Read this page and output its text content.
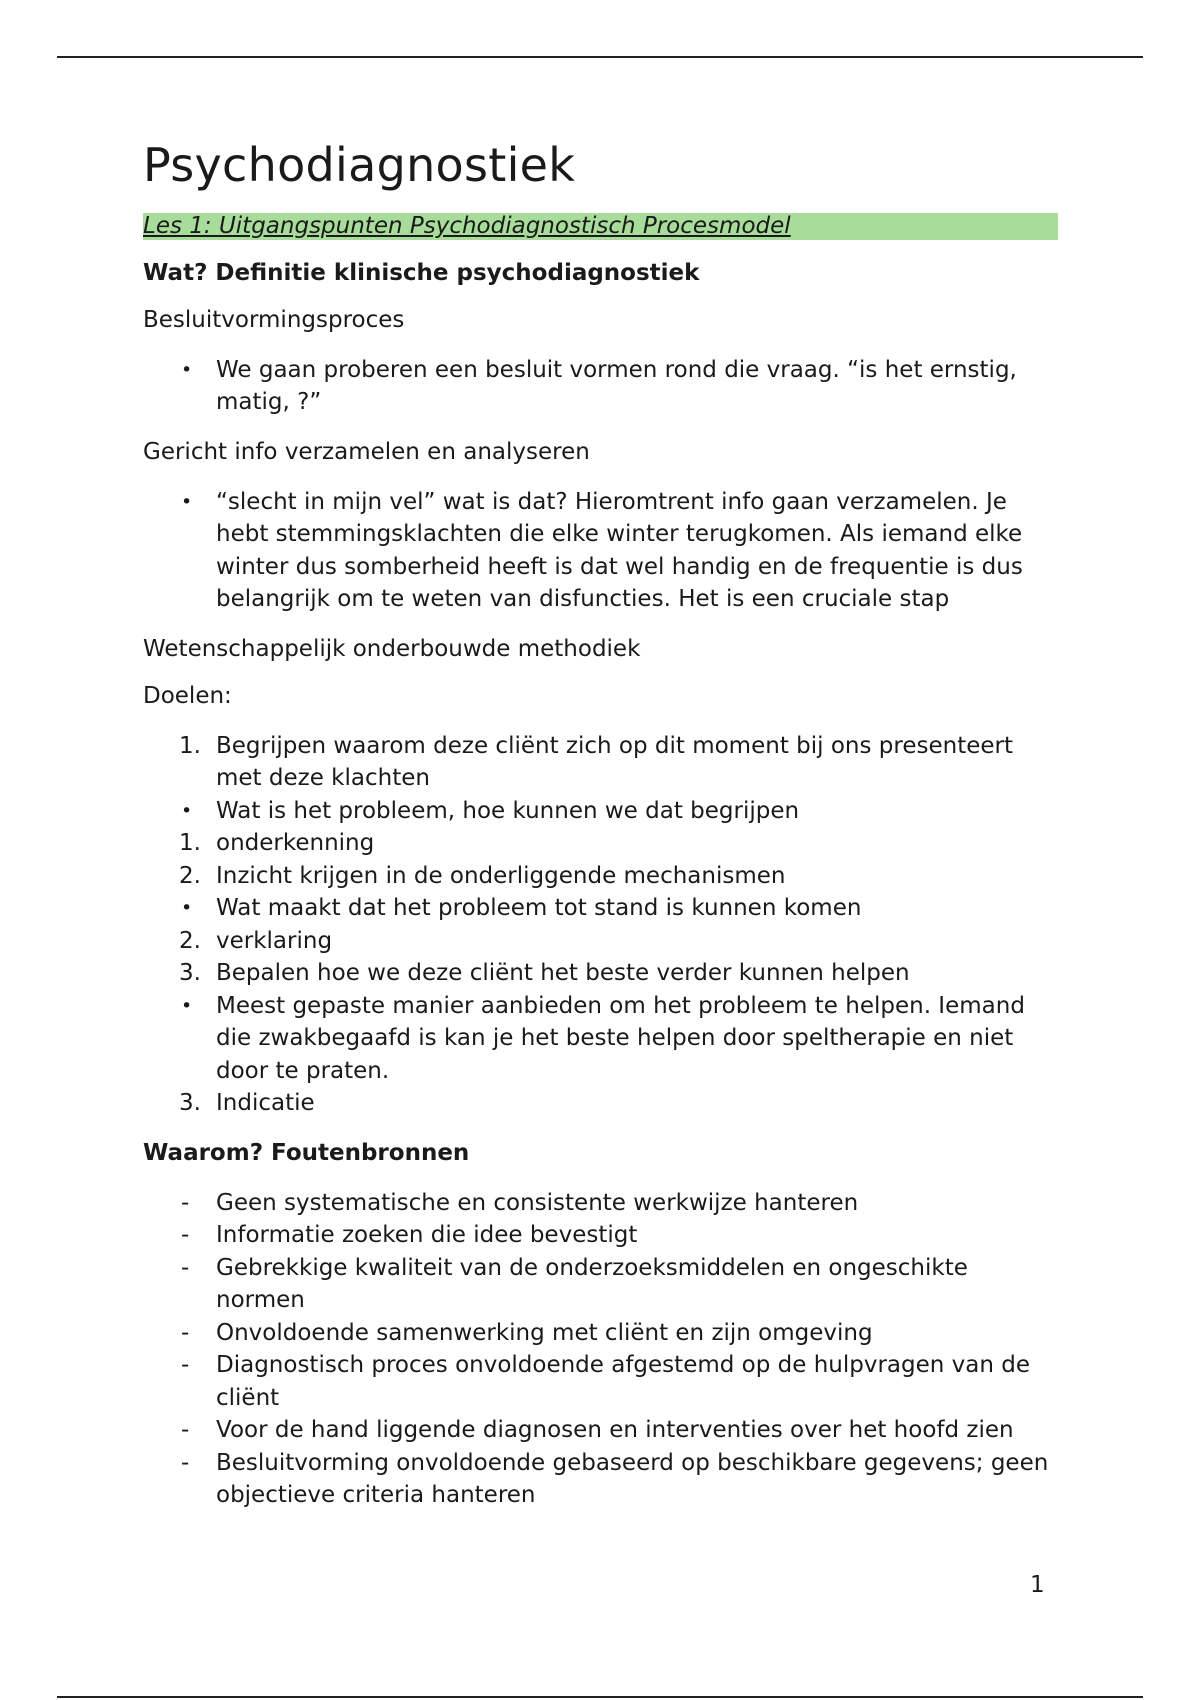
Psychodiagnostiek
Les 1: Uitgangspunten Psychodiagnostisch Procesmodel
Wat? Definitie klinische psychodiagnostiek
Besluitvormingsproces
•	We gaan proberen een besluit vormen rond die vraag. “is het ernstig, matig, ?”
Gericht info verzamelen en analyseren
•	“slecht in mijn vel” wat is dat? Hieromtrent info gaan verzamelen. Je hebt stemmingsklachten die elke winter terugkomen. Als iemand elke winter dus somberheid heeft is dat wel handig en de frequentie is dus belangrijk om te weten van disfuncties. Het is een cruciale stap
Wetenschappelijk onderbouwde methodiek
Doelen:
1. Begrijpen waarom deze cliënt zich op dit moment bij ons presenteert met deze klachten
•	Wat is het probleem, hoe kunnen we dat begrijpen
1. onderkenning
2. Inzicht krijgen in de onderliggende mechanismen
•	Wat maakt dat het probleem tot stand is kunnen komen
2. verklaring
3. Bepalen hoe we deze cliënt het beste verder kunnen helpen
•	Meest gepaste manier aanbieden om het probleem te helpen. Iemand die zwakbegaafd is kan je het beste helpen door speltherapie en niet door te praten.
3. Indicatie
Waarom? Foutenbronnen
-	Geen systematische en consistente werkwijze hanteren
-	Informatie zoeken die idee bevestigt
-	Gebrekkige kwaliteit van de onderzoeksmiddelen en ongeschikte normen
-	Onvoldoende samenwerking met cliënt en zijn omgeving
-	Diagnostisch proces onvoldoende afgestemd op de hulpvragen van de cliënt
-	Voor de hand liggende diagnosen en interventies over het hoofd zien
-	Besluitvorming onvoldoende gebaseerd op beschikbare gegevens; geen objectieve criteria hanteren
1
